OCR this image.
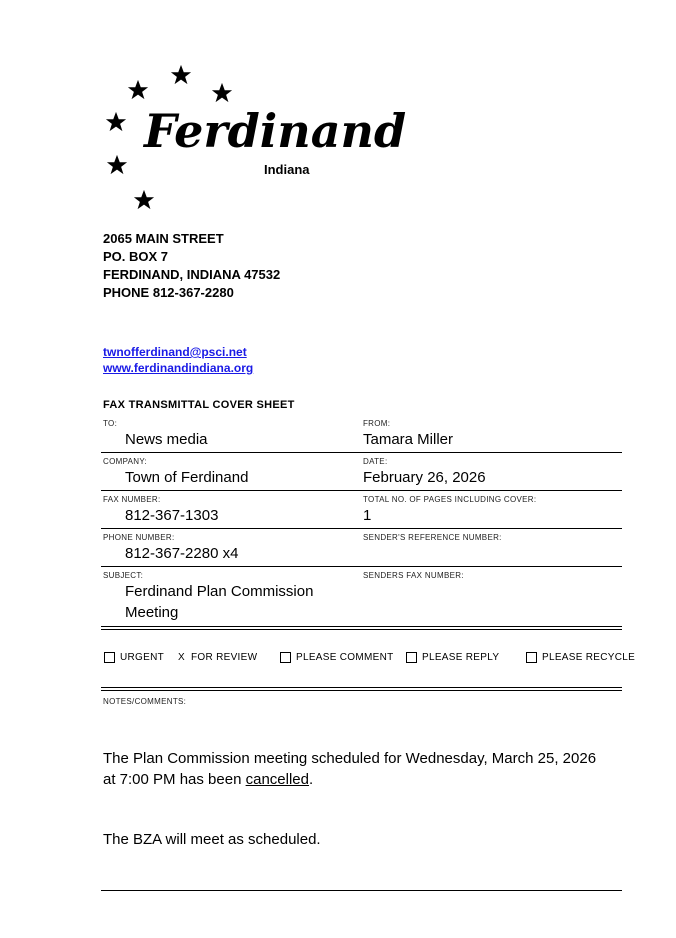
Ferdinand
Indiana
2065 MAIN STREET
PO. BOX 7
FERDINAND, INDIANA 47532
PHONE 812-367-2280
twnofferdinand@psci.net
www.ferdinandindiana.org
FAX TRANSMITTAL COVER SHEET
TO:
News media
FROM:
Tamara Miller
COMPANY:
Town of Ferdinand
DATE:
February 26, 2026
FAX NUMBER:
812-367-1303
TOTAL NO. OF PAGES INCLUDING COVER:
1
PHONE NUMBER:
812-367-2280 x4
SENDER'S REFERENCE NUMBER:
SUBJECT:
Ferdinand Plan Commission
Meeting
SENDERS FAX NUMBER:
URGENT X FOR REVIEW	PLEASE COMMENT	PLEASE REPLY	PLEASE RECYCLE
NOTES/COMMENTS:
The Plan Commission meeting scheduled for Wednesday, March 25, 2026
at 7:00 PM has been cancelled.
The BZA will meet as scheduled.
